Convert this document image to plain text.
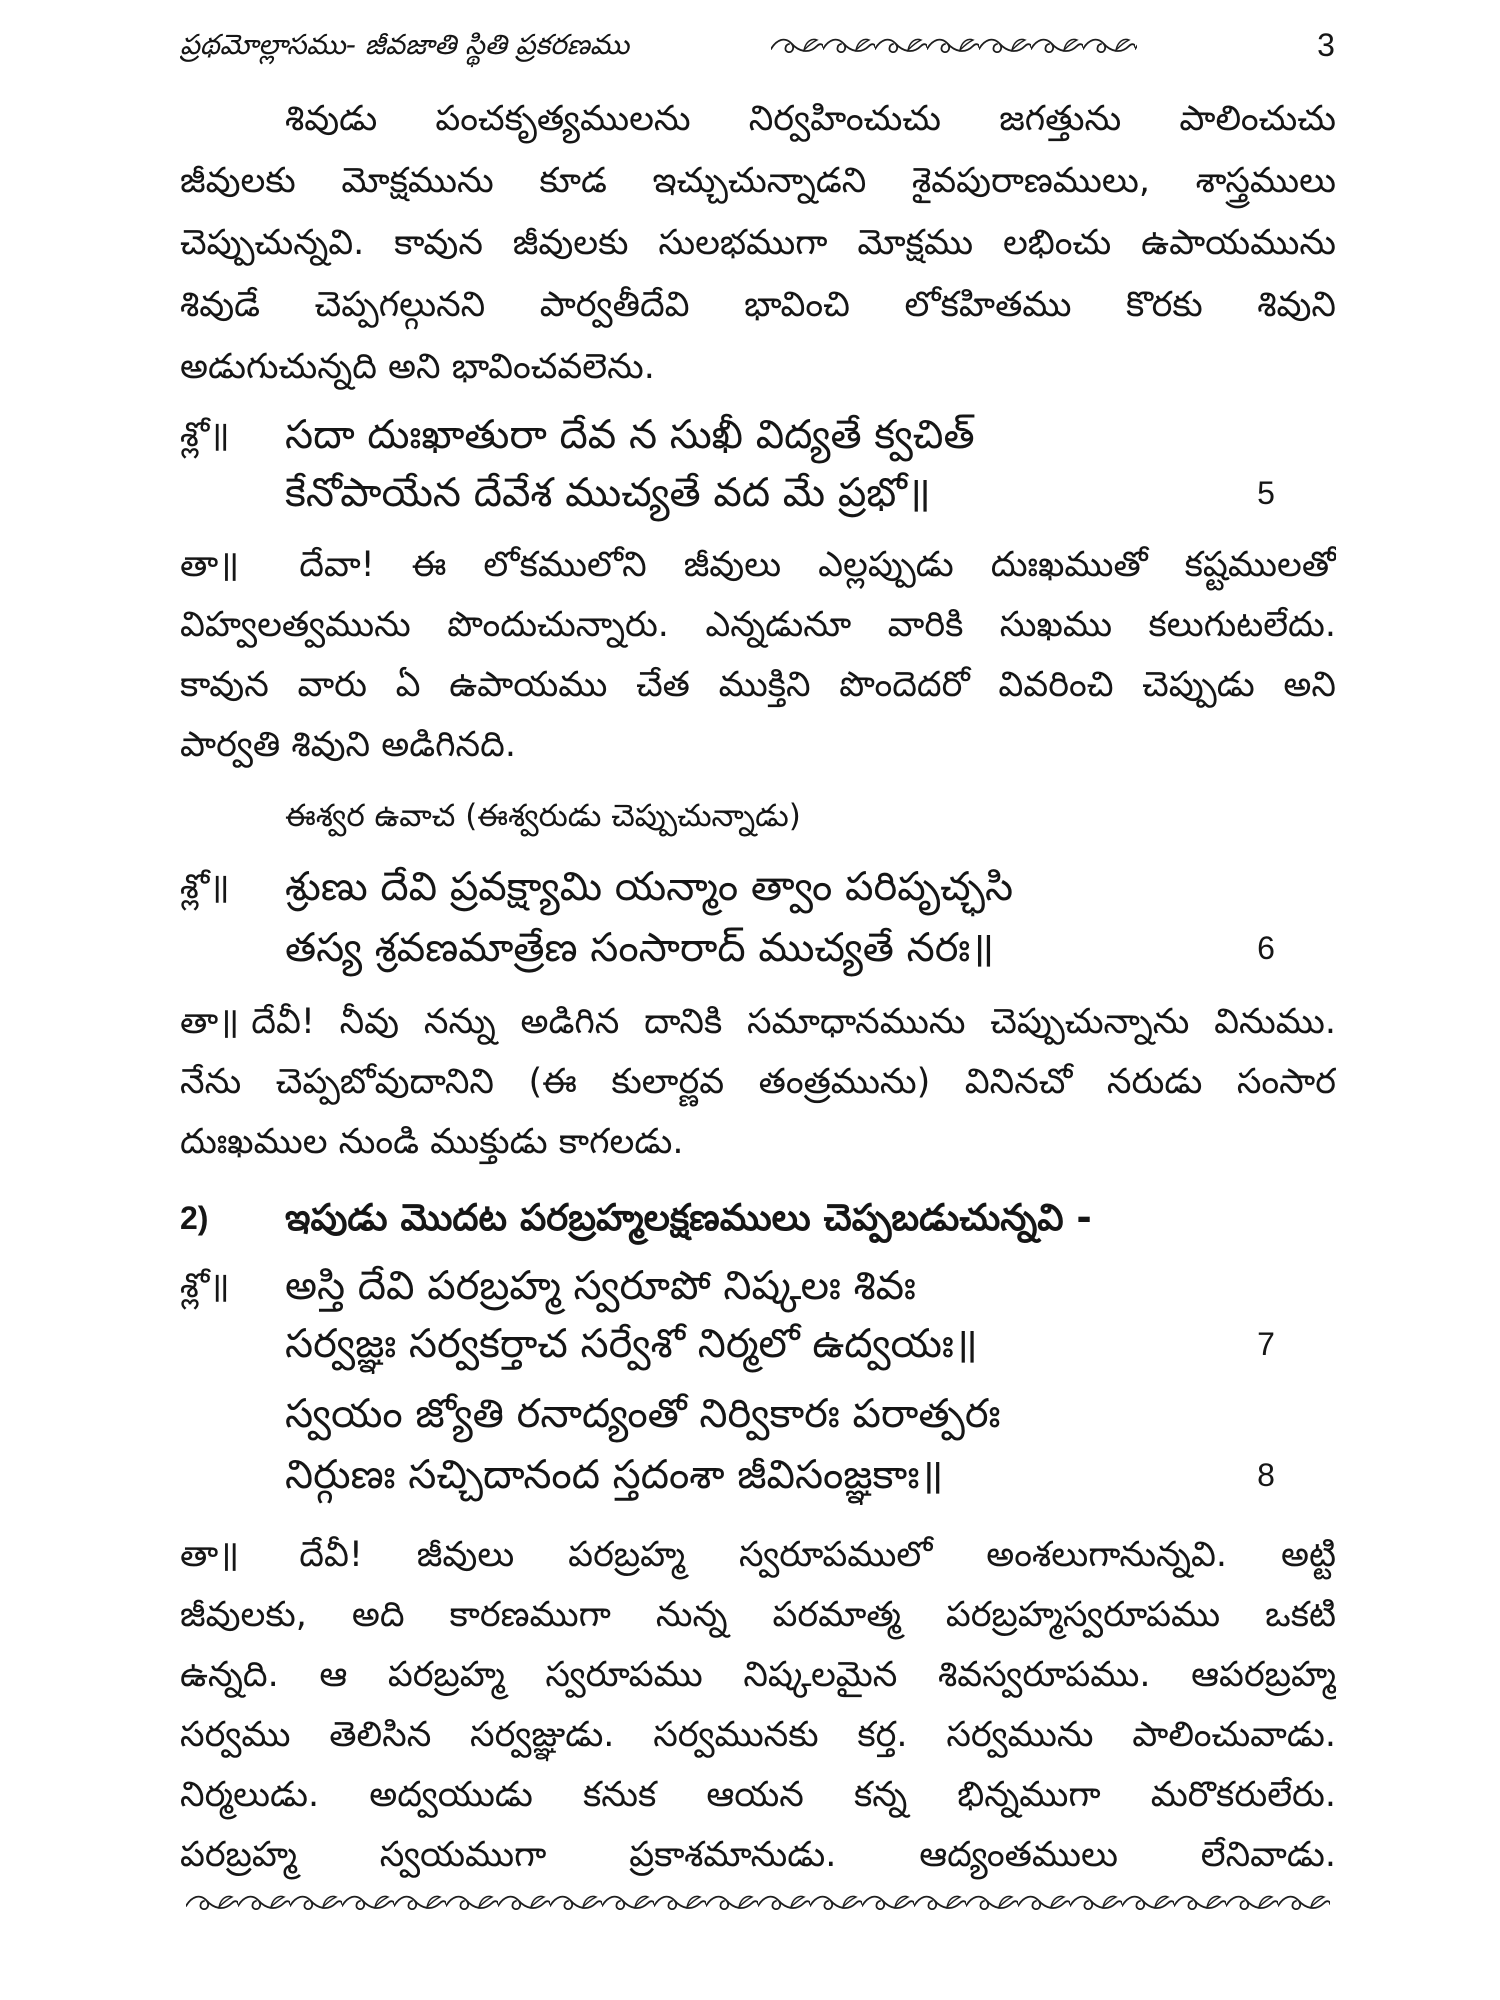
ప్రథమోల్లాసము- జీవజాతి స్థితి ప్రకరణము	3
శివుడు పంచకృత్యములను నిర్వహించుచు జగత్తును పాలించుచు
జీవులకు మోక్షమును కూడ ఇచ్చుచున్నాడని శైవపురాణములు, శాస్త్రములు
చెప్పుచున్నవి. కావున జీవులకు సులభముగా మోక్షము లభించు ఉపాయమును
శివుడే చెప్పగల్గునని పార్వతీదేవి భావించి లోకహితము కొరకు శివుని
అడుగుచున్నది అని భావించవలెను.
శ్లో॥ సదా దుఃఖాతురా దేవ న సుఖీ విద్యతే క్వచిత్
కేనోపాయేన దేవేశ ముచ్యతే వద మే ప్రభో॥	5
తా॥ దేవా! ఈ లోకములోని జీవులు ఎల్లప్పుడు దుఃఖముతో కష్టములతో
విహ్వలత్వమును పొందుచున్నారు. ఎన్నడునూ వారికి సుఖము కలుగుటలేదు.
కావున వారు ఏ ఉపాయము చేత ముక్తిని పొందెదరో వివరించి చెప్పుడు అని
పార్వతి శివుని అడిగినది.
ఈశ్వర ఉవాచ (ఈశ్వరుడు చెప్పుచున్నాడు)
శ్లో॥ శ్రుణు దేవి ప్రవక్ష్యామి యన్మాం త్వాం పరిపృచ్ఛసి
తస్య శ్రవణమాత్రేణ సంసారాద్ ముచ్యతే నరః॥	6
తా॥ దేవీ! నీవు నన్ను అడిగిన దానికి సమాధానమును చెప్పుచున్నాను వినుము.
నేను చెప్పబోవుదానిని (ఈ కులార్ణవ తంత్రమును) వినినచో నరుడు సంసార
దుఃఖముల నుండి ముక్తుడు కాగలడు.
2) ఇపుడు మొదట పరబ్రహ్మలక్షణములు చెప్పబడుచున్నవి -
శ్లో॥ అస్తి దేవి పరబ్రహ్మ స్వరూపో నిష్కలః శివః
సర్వజ్ఞః సర్వకర్తాచ సర్వేశో నిర్మలో ఉద్వయః॥	7
స్వయం జ్యోతి రనాద్యంతో నిర్వికారః పరాత్పరః
నిర్గుణః సచ్చిదానంద స్తదంశా జీవిసంజ్ఞకాః॥	8
తా॥ దేవీ! జీవులు పరబ్రహ్మ స్వరూపములో అంశలుగానున్నవి. అట్టి
జీవులకు, అది కారణముగా నున్న పరమాత్మ పరబ్రహ్మస్వరూపము ఒకటి
ఉన్నది. ఆ పరబ్రహ్మ స్వరూపము నిష్కలమైన శివస్వరూపము. ఆపరబ్రహ్మ
సర్వము తెలిసిన సర్వజ్ఞుడు. సర్వమునకు కర్త. సర్వమును పాలించువాడు.
నిర్మలుడు. అద్వయుడు కనుక ఆయన కన్న భిన్నముగా మరొకరులేరు.
పరబ్రహ్మ స్వయముగా ప్రకాశమానుడు. ఆద్యంతములు లేనివాడు.
